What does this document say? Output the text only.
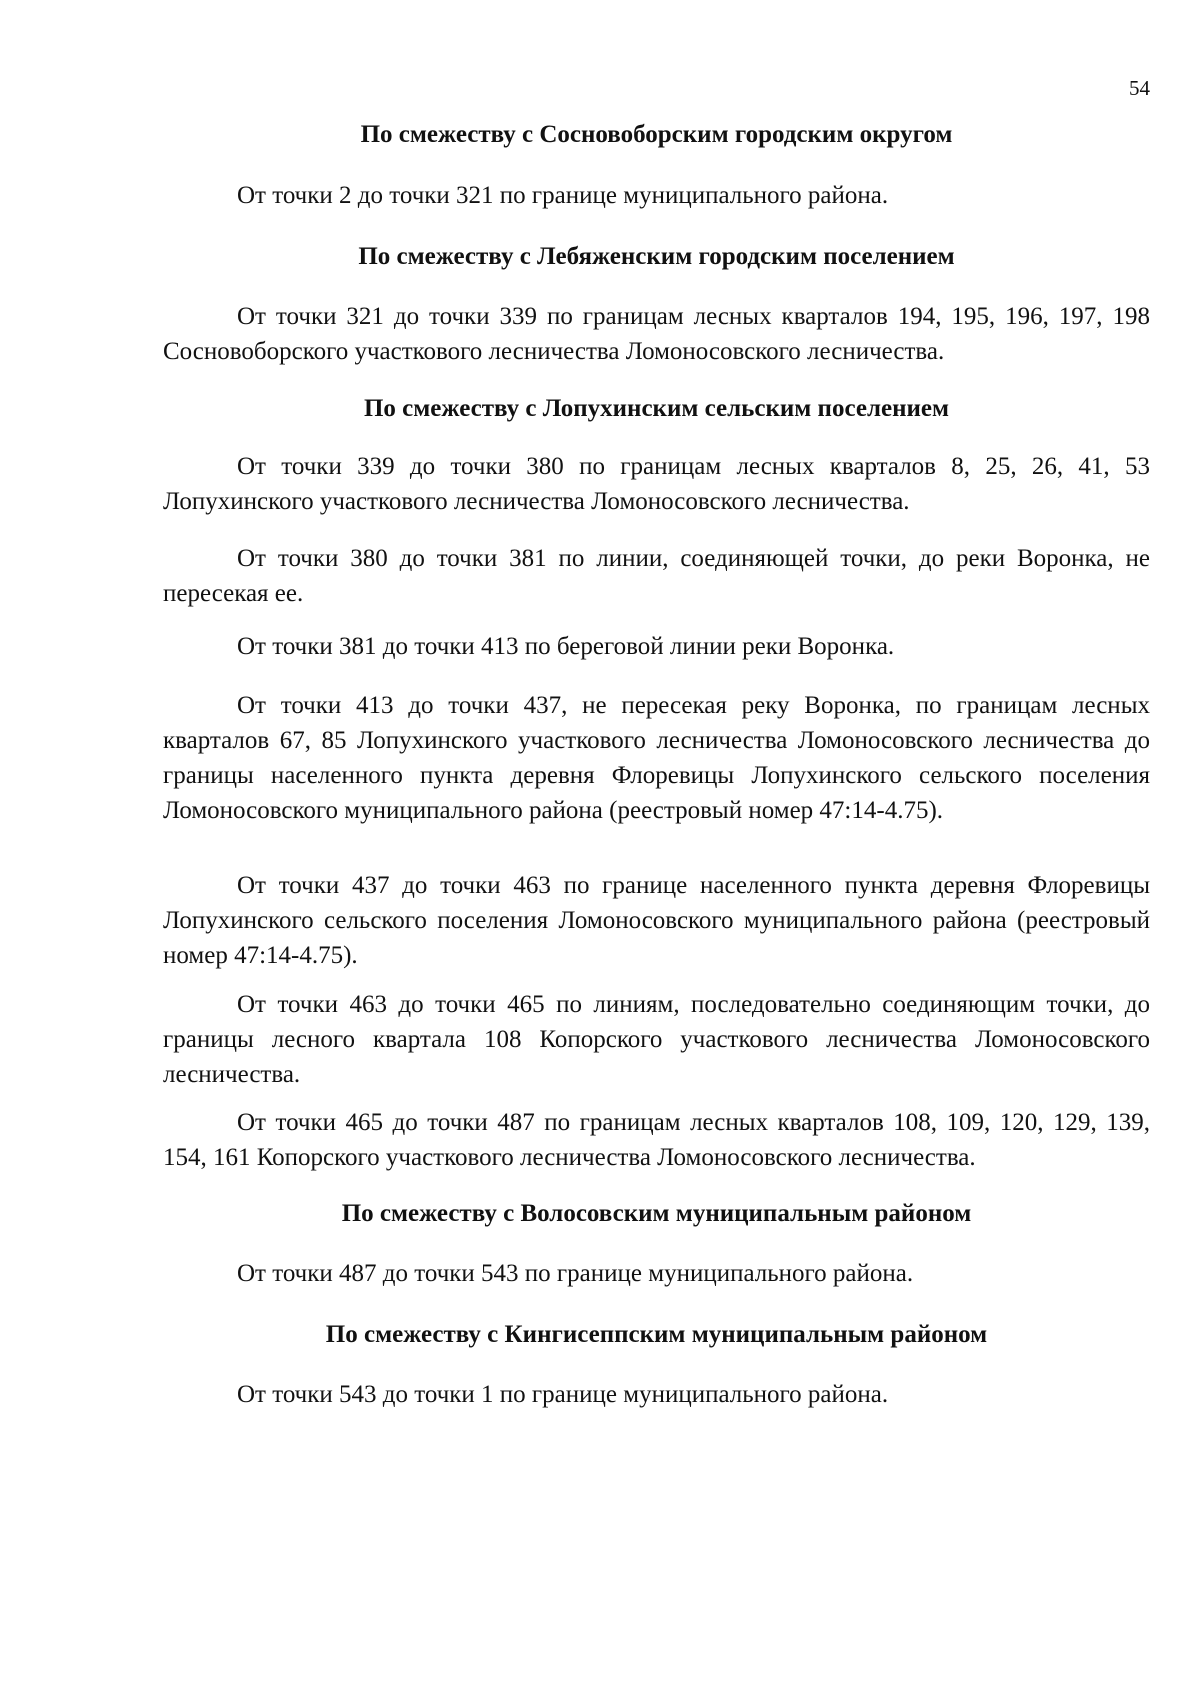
54
По смежеству с Сосновоборским городским округом

От точки 2 до точки 321 по границе муниципального района.

По смежеству с Лебяженским городским поселением

От точки 321 до точки 339 по границам лесных кварталов 194, 195, 196, 197, 198 Сосновоборского участкового лесничества Ломоносовского лесничества.

По смежеству с Лопухинским сельским поселением

От точки 339 до точки 380 по границам лесных кварталов 8, 25, 26, 41, 53 Лопухинского участкового лесничества Ломоносовского лесничества.

От точки 380 до точки 381 по линии, соединяющей точки, до реки Воронка, не пересекая ее.

От точки 381 до точки 413 по береговой линии реки Воронка.

От точки 413 до точки 437, не пересекая реку Воронка, по границам лесных кварталов 67, 85 Лопухинского участкового лесничества Ломоносовского лесничества до границы населенного пункта деревня Флоревицы Лопухинского сельского поселения Ломоносовского муниципального района (реестровый номер 47:14-4.75).

От точки 437 до точки 463 по границе населенного пункта деревня Флоревицы Лопухинского сельского поселения Ломоносовского муниципального района (реестровый номер 47:14-4.75).

От точки 463 до точки 465 по линиям, последовательно соединяющим точки, до границы лесного квартала 108 Копорского участкового лесничества Ломоносовского лесничества.

От точки 465 до точки 487 по границам лесных кварталов 108, 109, 120, 129, 139, 154, 161 Копорского участкового лесничества Ломоносовского лесничества.

По смежеству с Волосовским муниципальным районом

От точки 487 до точки 543 по границе муниципального района.

По смежеству с Кингисеппским муниципальным районом

От точки 543 до точки 1 по границе муниципального района.
